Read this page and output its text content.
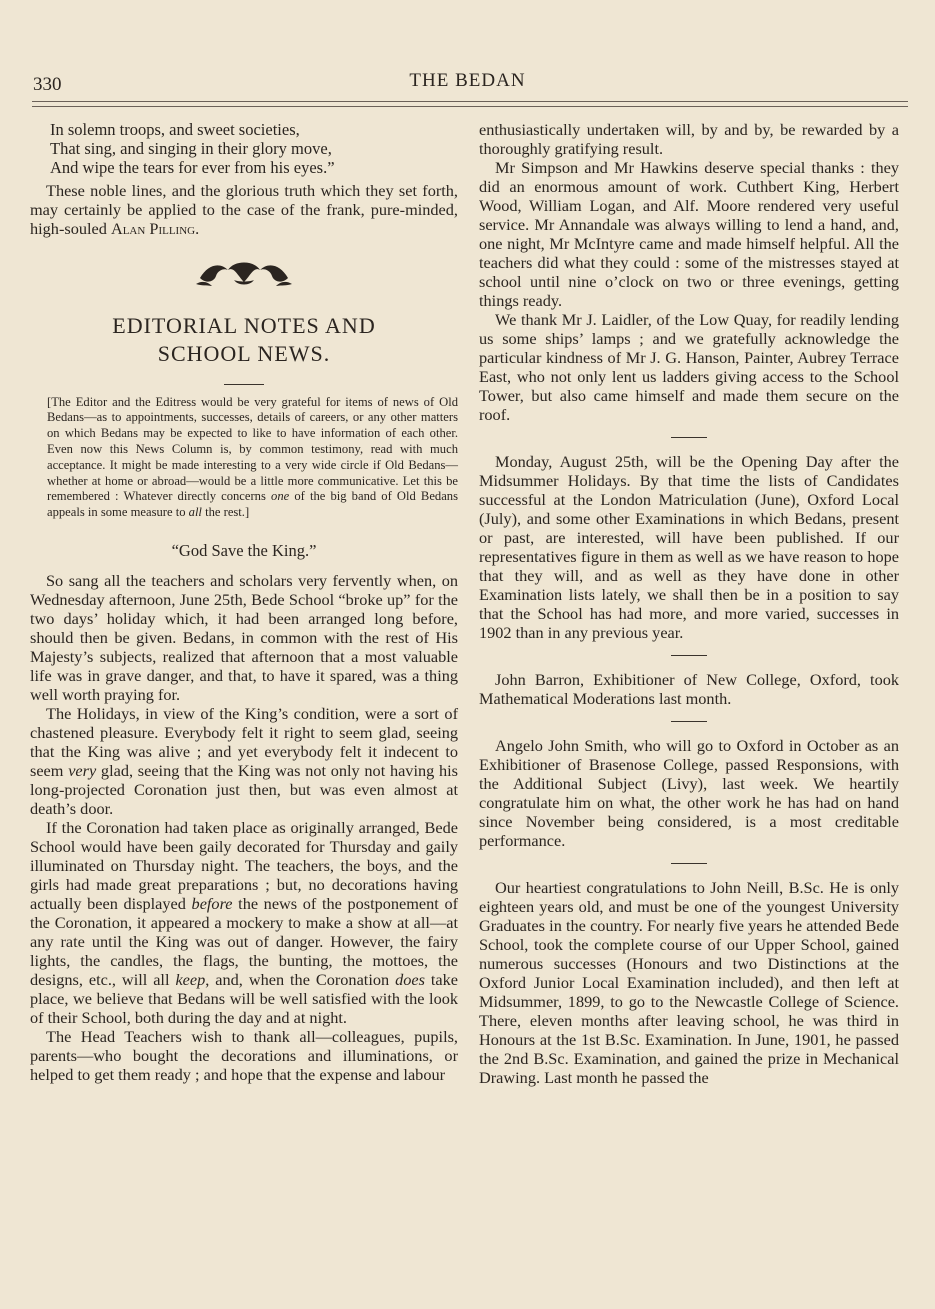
330	THE BEDAN
In solemn troops, and sweet societies,
That sing, and singing in their glory move,
And wipe the tears for ever from his eyes.”

These noble lines, and the glorious truth which they set forth, may certainly be applied to the case of the frank, pure-minded, high-souled Alan Pilling.

EDITORIAL NOTES AND
SCHOOL NEWS.

[The Editor and the Editress would be very grateful for items of news of Old Bedans—as to appointments, successes, details of careers, or any other matters on which Bedans may be expected to like to have information of each other. Even now this News Column is, by common testimony, read with much acceptance. It might be made interesting to a very wide circle if Old Bedans—whether at home or abroad—would be a little more communicative. Let this be remembered : Whatever directly concerns one of the big band of Old Bedans appeals in some measure to all the rest.]

“God Save the King.”

So sang all the teachers and scholars very fervently when, on Wednesday afternoon, June 25th, Bede School “broke up” for the two days’ holiday which, it had been arranged long before, should then be given. Bedans, in common with the rest of His Majesty’s subjects, realized that afternoon that a most valuable life was in grave danger, and that, to have it spared, was a thing well worth praying for.

The Holidays, in view of the King’s condition, were a sort of chastened pleasure. Everybody felt it right to seem glad, seeing that the King was alive ; and yet everybody felt it indecent to seem very glad, seeing that the King was not only not having his long-projected Coronation just then, but was even almost at death’s door.

If the Coronation had taken place as originally arranged, Bede School would have been gaily decorated for Thursday and gaily illuminated on Thursday night. The teachers, the boys, and the girls had made great preparations ; but, no decorations having actually been displayed before the news of the postponement of the Coronation, it appeared a mockery to make a show at all—at any rate until the King was out of danger. However, the fairy lights, the candles, the flags, the bunting, the mottoes, the designs, etc., will all keep, and, when the Coronation does take place, we believe that Bedans will be well satisfied with the look of their School, both during the day and at night.

The Head Teachers wish to thank all—colleagues, pupils, parents—who bought the decorations and illuminations, or helped to get them ready ; and hope that the expense and labour

enthusiastically undertaken will, by and by, be rewarded by a thoroughly gratifying result.

Mr Simpson and Mr Hawkins deserve special thanks : they did an enormous amount of work. Cuthbert King, Herbert Wood, William Logan, and Alf. Moore rendered very useful service. Mr Annandale was always willing to lend a hand, and, one night, Mr McIntyre came and made himself helpful. All the teachers did what they could : some of the mistresses stayed at school until nine o’clock on two or three evenings, getting things ready.

We thank Mr J. Laidler, of the Low Quay, for readily lending us some ships’ lamps ; and we gratefully acknowledge the particular kindness of Mr J. G. Hanson, Painter, Aubrey Terrace East, who not only lent us ladders giving access to the School Tower, but also came himself and made them secure on the roof.

Monday, August 25th, will be the Opening Day after the Midsummer Holidays. By that time the lists of Candidates successful at the London Matriculation (June), Oxford Local (July), and some other Examinations in which Bedans, present or past, are interested, will have been published. If our representatives figure in them as well as we have reason to hope that they will, and as well as they have done in other Examination lists lately, we shall then be in a position to say that the School has had more, and more varied, successes in 1902 than in any previous year.

John Barron, Exhibitioner of New College, Oxford, took Mathematical Moderations last month.

Angelo John Smith, who will go to Oxford in October as an Exhibitioner of Brasenose College, passed Responsions, with the Additional Subject (Livy), last week. We heartily congratulate him on what, the other work he has had on hand since November being considered, is a most creditable performance.

Our heartiest congratulations to John Neill, B.Sc. He is only eighteen years old, and must be one of the youngest University Graduates in the country. For nearly five years he attended Bede School, took the complete course of our Upper School, gained numerous successes (Honours and two Distinctions at the Oxford Junior Local Examination included), and then left at Midsummer, 1899, to go to the Newcastle College of Science. There, eleven months after leaving school, he was third in Honours at the 1st B.Sc. Examination. In June, 1901, he passed the 2nd B.Sc. Examination, and gained the prize in Mechanical Drawing. Last month he passed the
